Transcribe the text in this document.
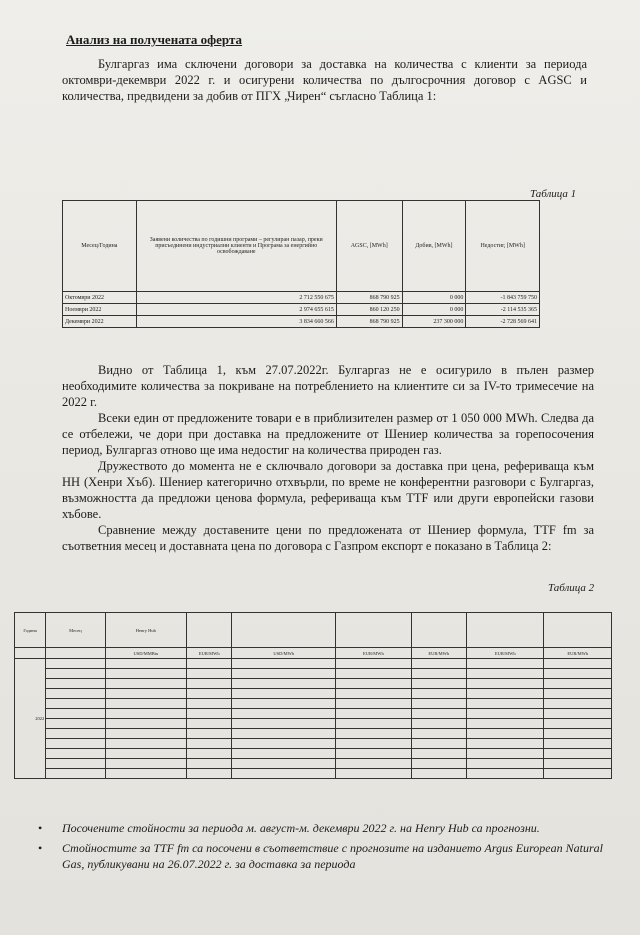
Анализ на получената оферта
Булгаргаз има сключени договори за доставка на количества с клиенти за периода октомври-декември 2022 г. и осигурени количества по дългосрочния договор с AGSC и количества, предвидени за добив от ПГХ „Чирен“ съгласно Таблица 1:
Таблица 1
Месец/Година	Заявени количества по годишни програми – регулиран пазар, преки присъединени индустриални клиенти и Програма за енергийно освобождаване	AGSC, [MWh]	Добив, [MWh]	Недостиг, [MWh]
Октомври 2022	2 712 550 675	868 790 925	0 000	-1 843 759 750
Ноември 2022	2 974 655 615	860 120 250	0 000	-2 114 535 365
Декември 2022	3 834 660 566	868 790 925	237 300 000	-2 728 569 641
Видно от Таблица 1, към 27.07.2022г. Булгаргаз не е осигурило в пълен размер необходимите количества за покриване на потреблението на клиентите си за IV-то тримесечие на 2022 г.
Всеки един от предложените товари е в приблизителен размер от 1 050 000 MWh. Следва да се отбележи, че дори при доставка на предложените от Шениер количества за горепосочения период, Булгаргаз отново ще има недостиг на количества природен газ.
Дружеството до момента не е сключвало договори за доставка при цена, рефериваща към HH (Хенри Хъб). Шениер категорично отхвърли, по време не конферентни разговори с Булгаргаз, възможността да предложи ценова формула, рефериваща към TTF или други европейски газови хъбове.
Сравнение между доставените цени по предложената от Шениер формула, TTF fm за съответния месец и доставната цена по договора с Газпром експорт е показано в Таблица 2:
Таблица 2
Година	Месец	Henry Hub						
		USD/MMBtu	EUR/MWh	USD/MWh	EUR/MWh	EUR/MWh	EUR/MWh	EUR/MWh
2022								

• Посочените стойности за периода м. август-м. декември 2022 г. на Henry Hub са прогнозни.
• Стойностите за TTF fm са посочени в съответствие с прогнозите на изданието Argus European Natural Gas, публикувани на 26.07.2022 г. за доставка за периода
